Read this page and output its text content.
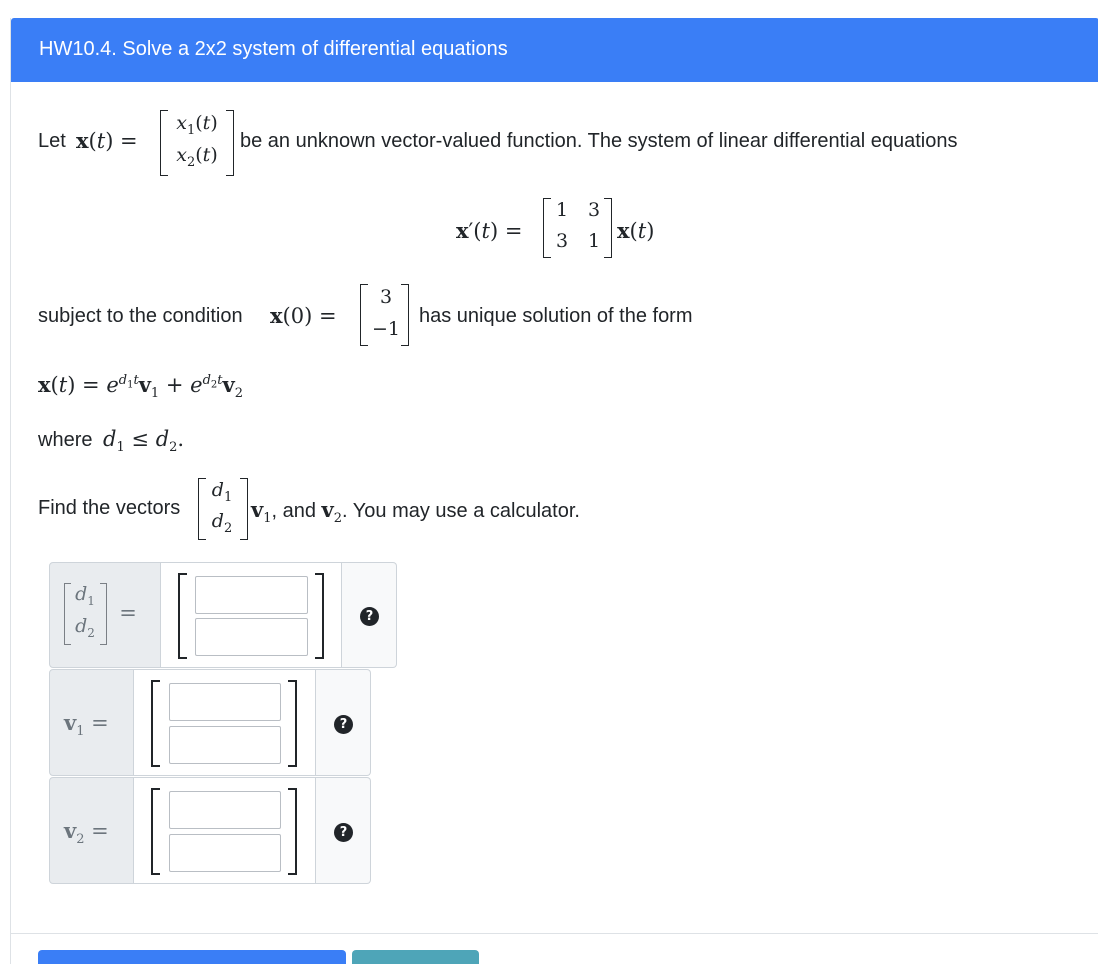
HW10.4. Solve a 2x2 system of differential equations
Let x(t) =
$x_1(t)$
$x_2(t)$
be an unknown vector-valued function. The system of linear differential equations
x′(t) =
1 3
3 1 x(t)
subject to the condition x(0) =
3
−1
has unique solution of the form
$x(t) = e^{d_1t}v_1 + e^{d_2t}v_2$
where $d_1 \le d_2$.
Find the vectors
$d_1$
$d_2$
$v_1$, and $v_2$. You may use a calculator.
$d_1$
$d_2$
=	?
$v_1$ =	?
$v_2$ =	?
